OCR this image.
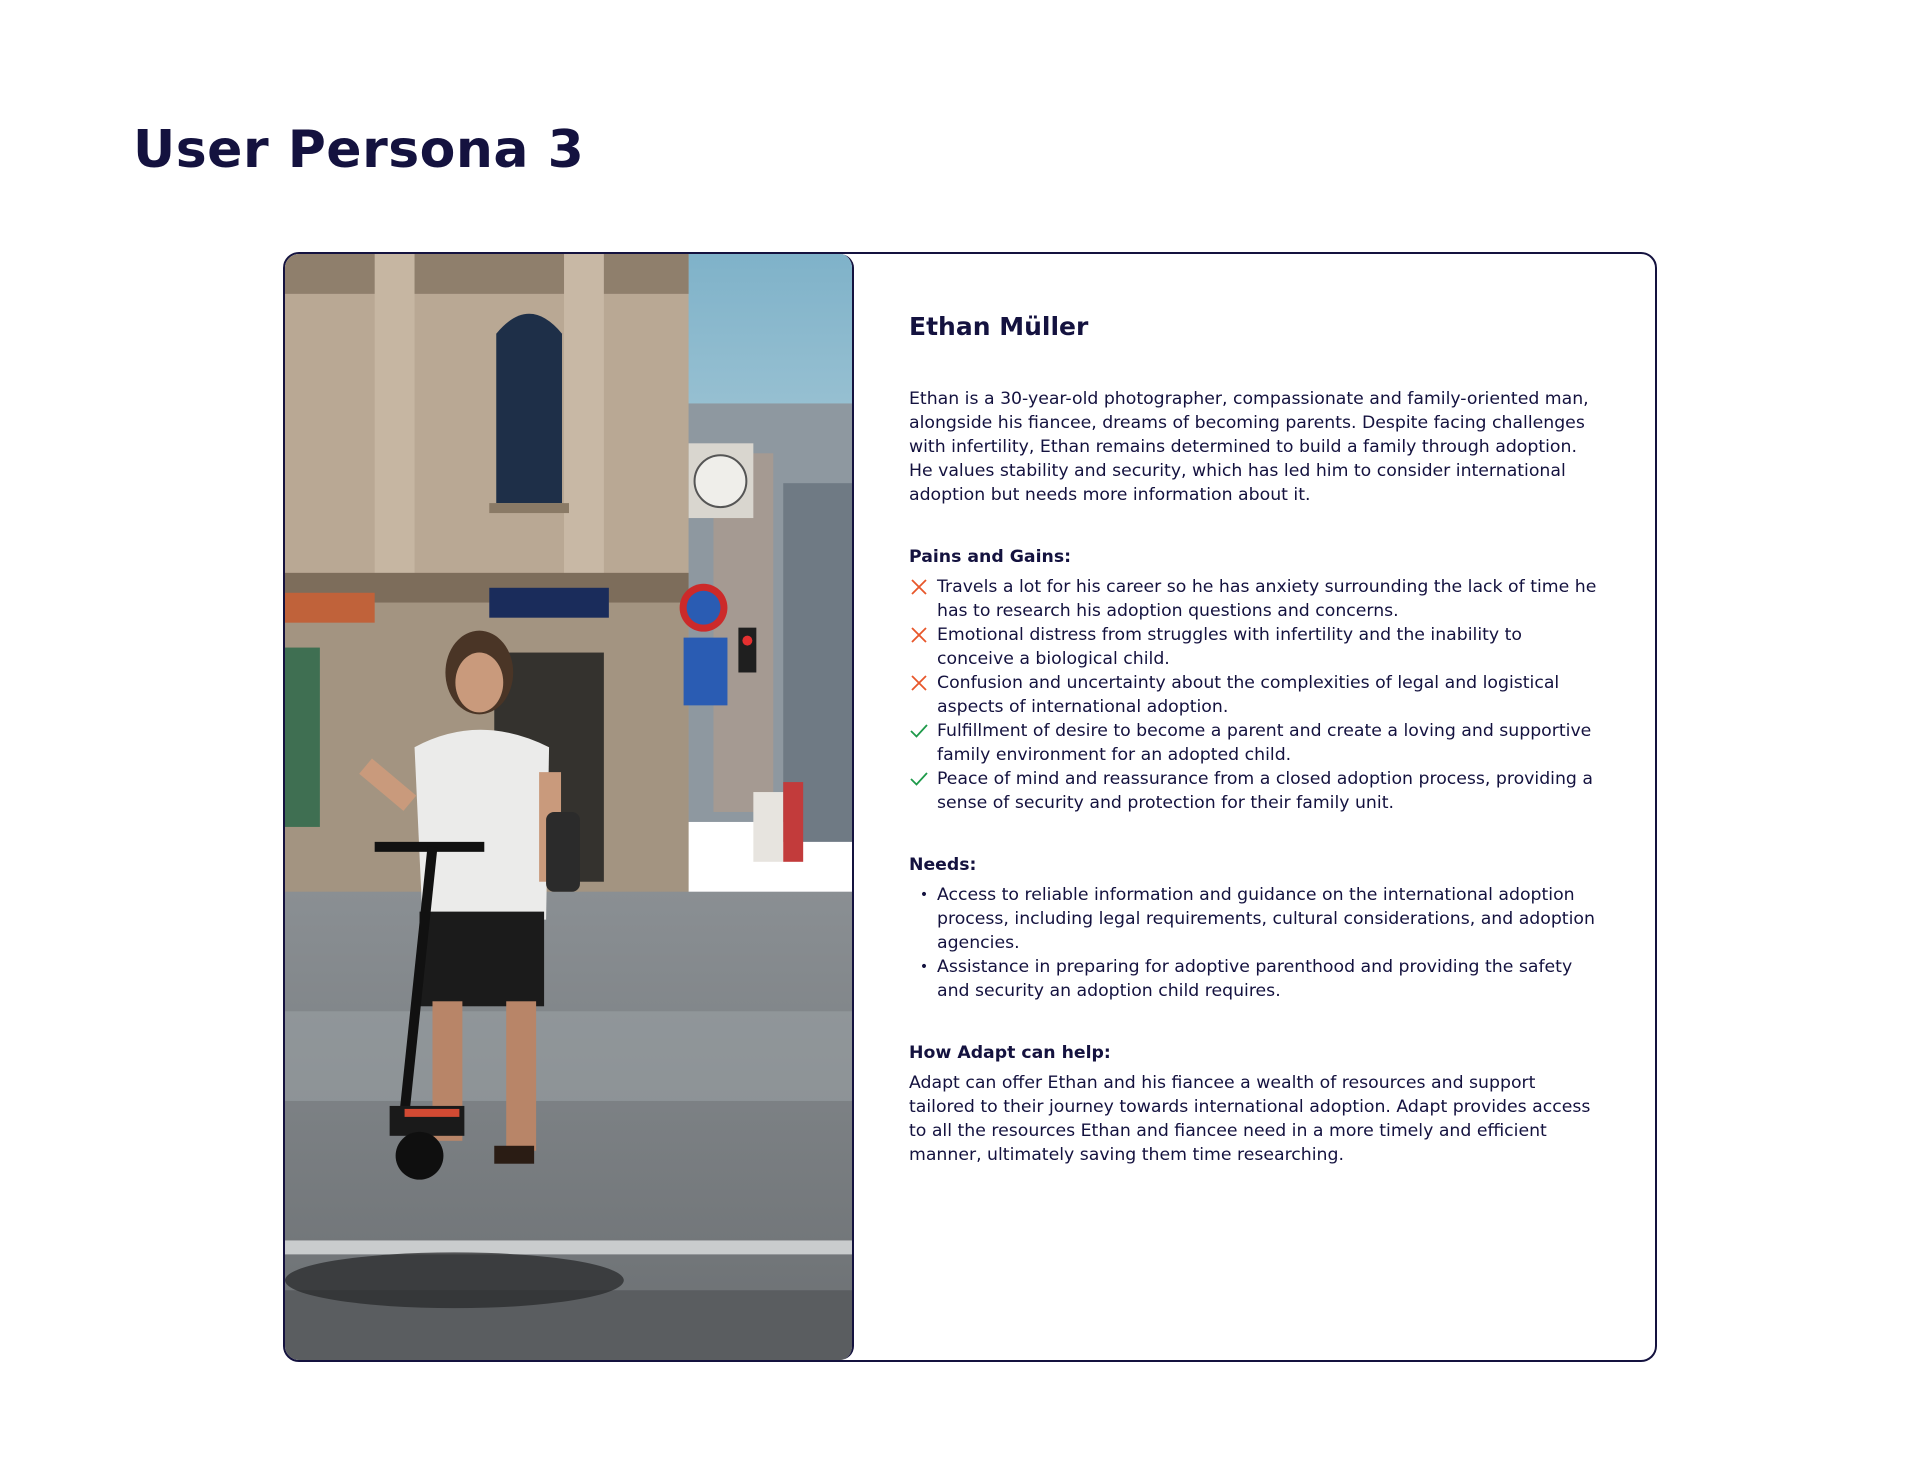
User Persona 3
Ethan Müller

Ethan is a 30-year-old photographer, compassionate and family-oriented man, alongside his fiancee, dreams of becoming parents. Despite facing challenges with infertility, Ethan remains determined to build a family through adoption. He values stability and security, which has led him to consider international adoption but needs more information about it.

Pains and Gains:
Travels a lot for his career so he has anxiety surrounding the lack of time he has to research his adoption questions and concerns.
Emotional distress from struggles with infertility and the inability to conceive a biological child.
Confusion and uncertainty about the complexities of legal and logistical aspects of international adoption.
Fulfillment of desire to become a parent and create a loving and supportive family environment for an adopted child.
Peace of mind and reassurance from a closed adoption process, providing a sense of security and protection for their family unit.
Needs:
• Access to reliable information and guidance on the international adoption process, including legal requirements, cultural considerations, and adoption agencies.
• Assistance in preparing for adoptive parenthood and providing the safety and security an adoption child requires.
How Adapt can help:

Adapt can offer Ethan and his fiancee a wealth of resources and support tailored to their journey towards international adoption. Adapt provides access to all the resources Ethan and fiancee need in a more timely and efficient manner, ultimately saving them time researching.
